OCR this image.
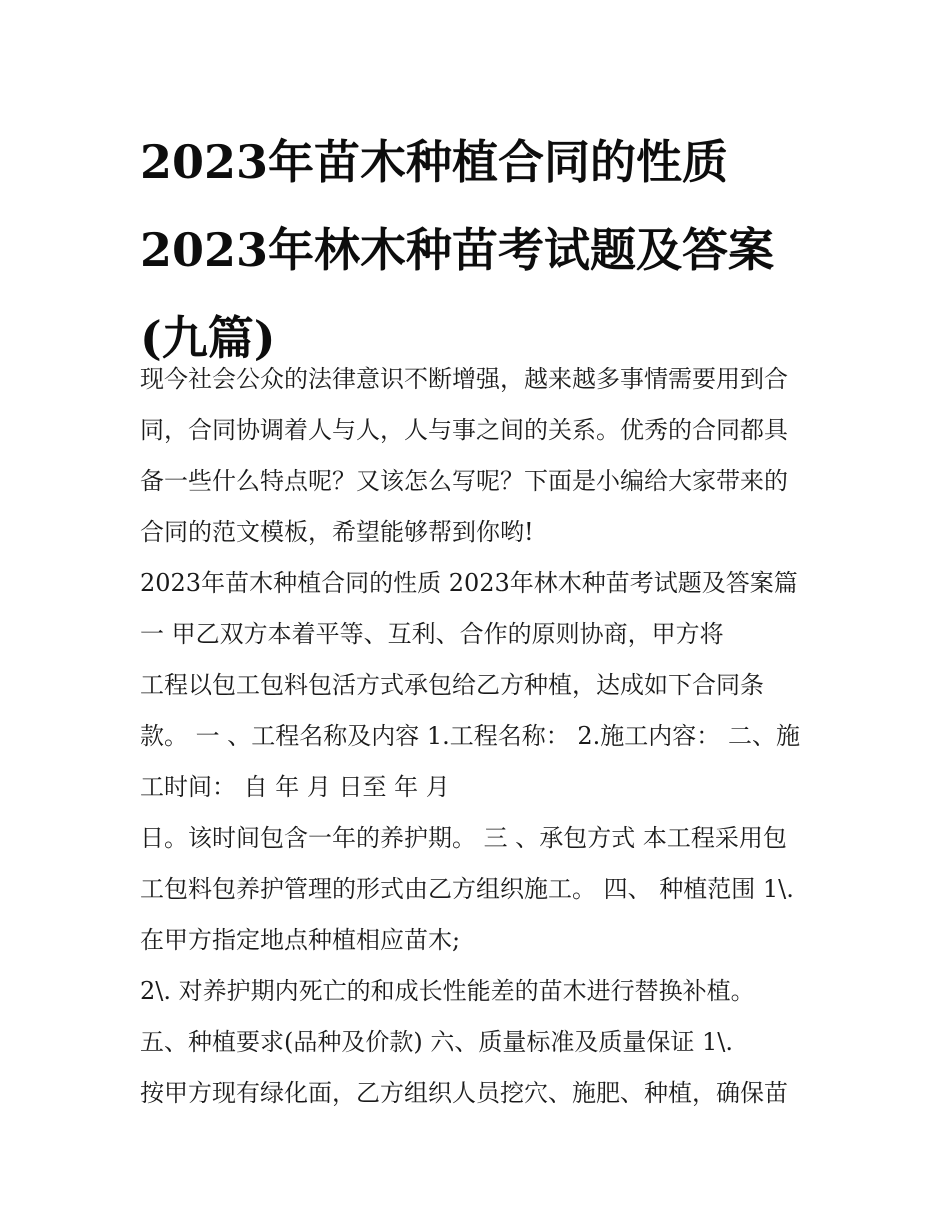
2023年苗木种植合同的性质
2023年林木种苗考试题及答案
(九篇)
现今社会公众的法律意识不断增强，越来越多事情需要用到合
同，合同协调着人与人，人与事之间的关系。优秀的合同都具
备一些什么特点呢？又该怎么写呢？下面是小编给大家带来的
合同的范文模板，希望能够帮到你哟!
2023年苗木种植合同的性质 2023年林木种苗考试题及答案篇
一 甲乙双方本着平等、互利、合作的原则协商，甲方将
工程以包工包料包活方式承包给乙方种植，达成如下合同条
款。 一 、工程名称及内容 1.工程名称： 2.施工内容： 二、施
工时间： 自 年 月 日至 年 月
日。该时间包含一年的养护期。 三 、承包方式 本工程采用包
工包料包养护管理的形式由乙方组织施工。 四、 种植范围 1\.
在甲方指定地点种植相应苗木;
2\. 对养护期内死亡的和成长性能差的苗木进行替换补植。
五、种植要求(品种及价款) 六、质量标准及质量保证 1\.
按甲方现有绿化面，乙方组织人员挖穴、施肥、种植，确保苗
